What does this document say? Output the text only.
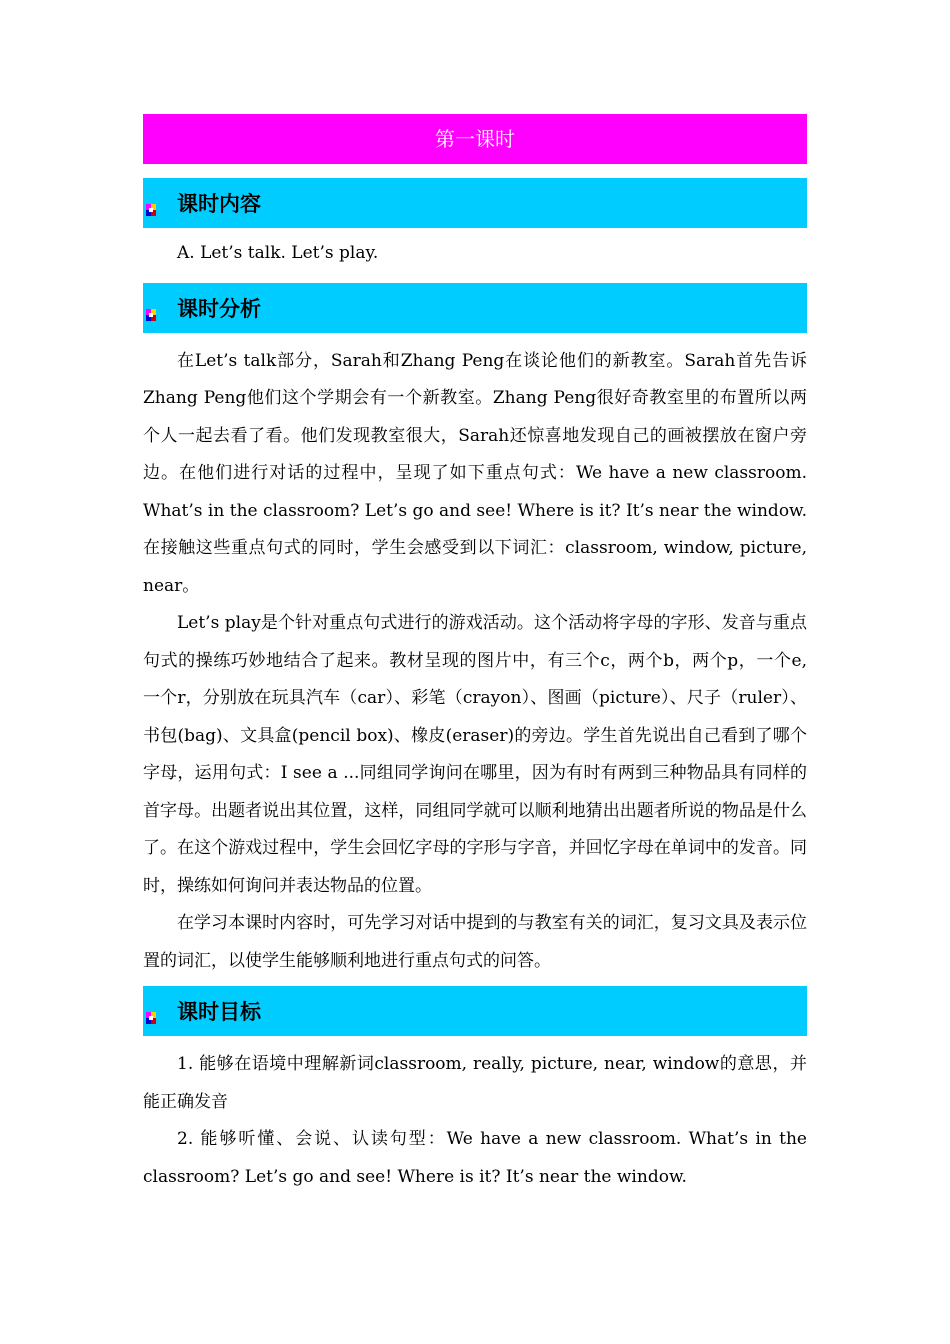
第一课时
课时内容

A. Let’s talk. Let’s play.

课时分析

在Let’s talk部分，Sarah和Zhang Peng在谈论他们的新教室。Sarah首先告诉Zhang Peng他们这个学期会有一个新教室。Zhang Peng很好奇教室里的布置所以两个人一起去看了看。他们发现教室很大，Sarah还惊喜地发现自己的画被摆放在窗户旁边。在他们进行对话的过程中，呈现了如下重点句式：We have a new classroom. What’s in the classroom? Let’s go and see! Where is it? It’s near the window. 在接触这些重点句式的同时，学生会感受到以下词汇：classroom, window, picture, near。

Let’s play是个针对重点句式进行的游戏活动。这个活动将字母的字形、发音与重点句式的操练巧妙地结合了起来。教材呈现的图片中，有三个c，两个b，两个p，一个e, 一个r，分别放在玩具汽车（car）、彩笔（crayon）、图画（picture）、尺子（ruler）、书包(bag)、文具盒(pencil box)、橡皮(eraser)的旁边。学生首先说出自己看到了哪个字母，运用句式：I see a ...同组同学询问在哪里，因为有时有两到三种物品具有同样的首字母。出题者说出其位置，这样，同组同学就可以顺利地猜出出题者所说的物品是什么了。在这个游戏过程中，学生会回忆字母的字形与字音，并回忆字母在单词中的发音。同时，操练如何询问并表达物品的位置。

在学习本课时内容时，可先学习对话中提到的与教室有关的词汇，复习文具及表示位置的词汇，以使学生能够顺利地进行重点句式的问答。

课时目标

1. 能够在语境中理解新词classroom, really, picture, near, window的意思，并能正确发音

2. 能够听懂、会说、认读句型：We have a new classroom. What’s in the classroom? Let’s go and see! Where is it? It’s near the window.
